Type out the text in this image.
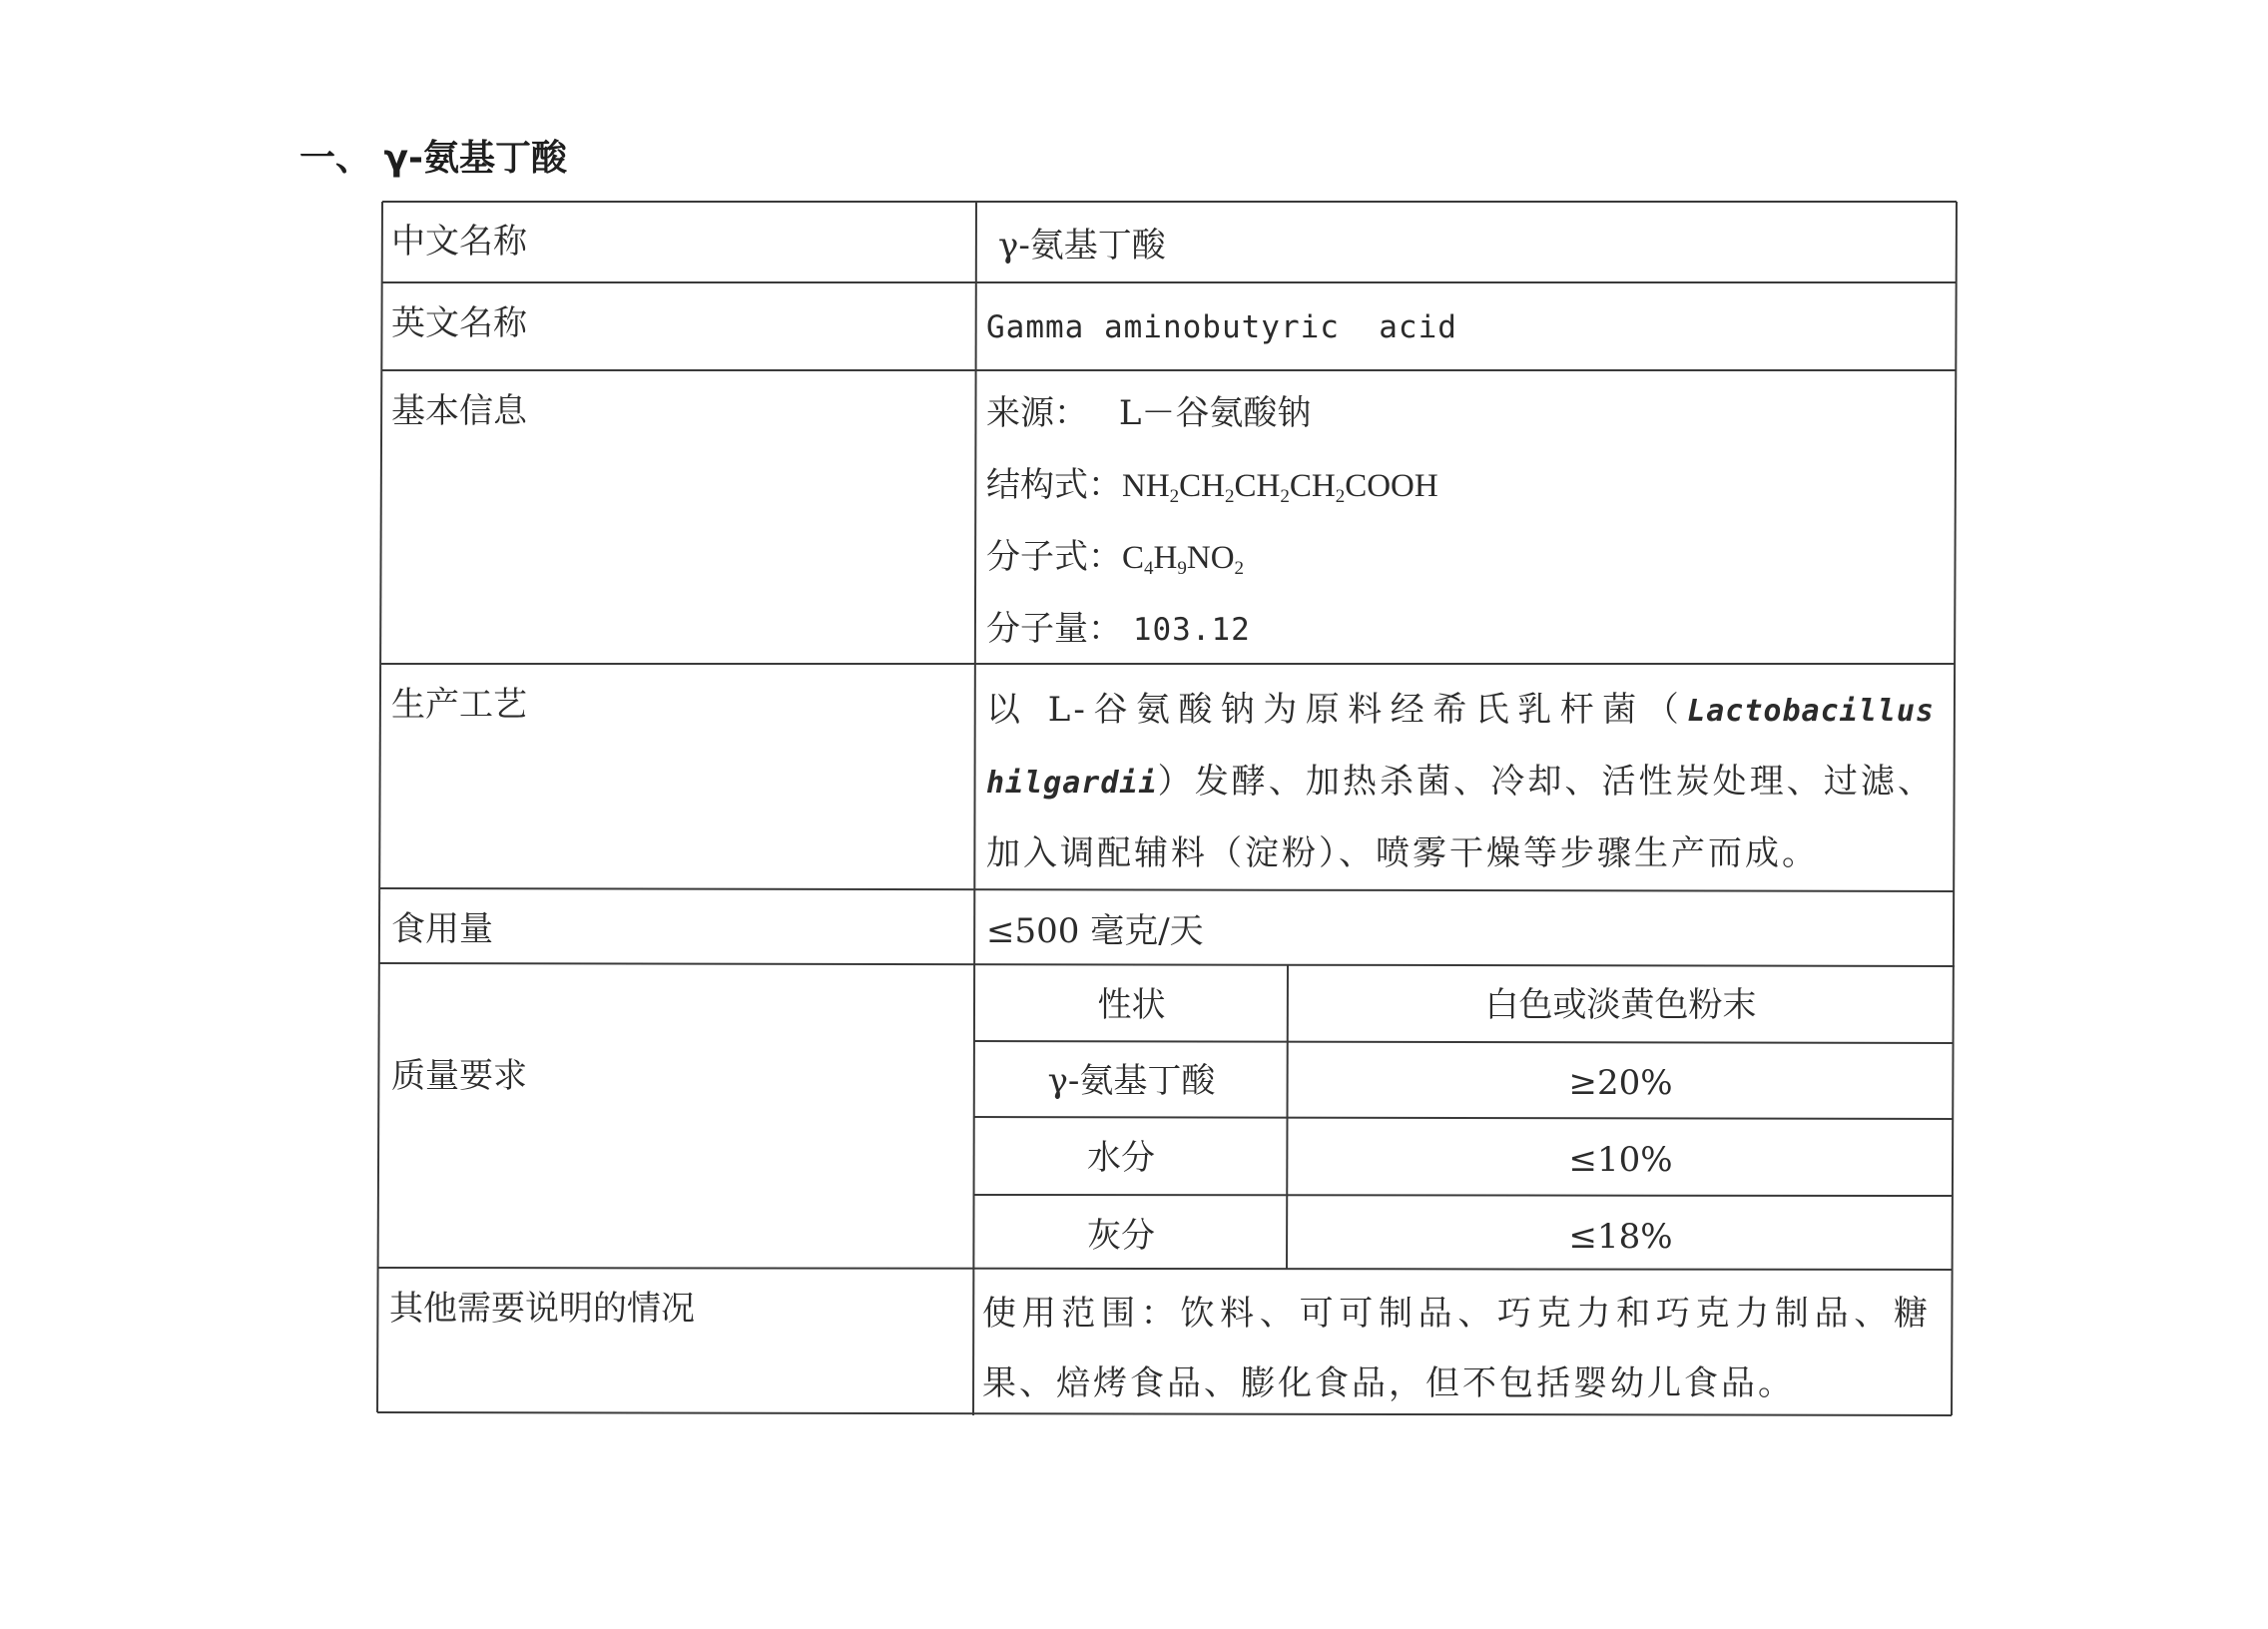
一、 γ-氨基丁酸
中文名称	γ-氨基丁酸
英文名称	Gamma aminobutyric  acid
基本信息	来源： L－谷氨酸钠
结构式：$NH_2CH_2CH_2CH_2COOH$
分子式：$C_4H_9NO_2$
分子量： 103.12
生产工艺	以 L-谷氨酸钠为原料经希氏乳杆菌（Lactobacillus hilgardii）发酵、加热杀菌、冷却、活性炭处理、过滤、加入调配辅料（淀粉）、喷雾干燥等步骤生产而成。
食用量	≤500 毫克/天
质量要求
性状	白色或淡黄色粉末
γ-氨基丁酸	≥20%
水分	≤10%
灰分	≤18%
其他需要说明的情况	使用范围：饮料、可可制品、巧克力和巧克力制品、糖果、焙烤食品、膨化食品，但不包括婴幼儿食品。
